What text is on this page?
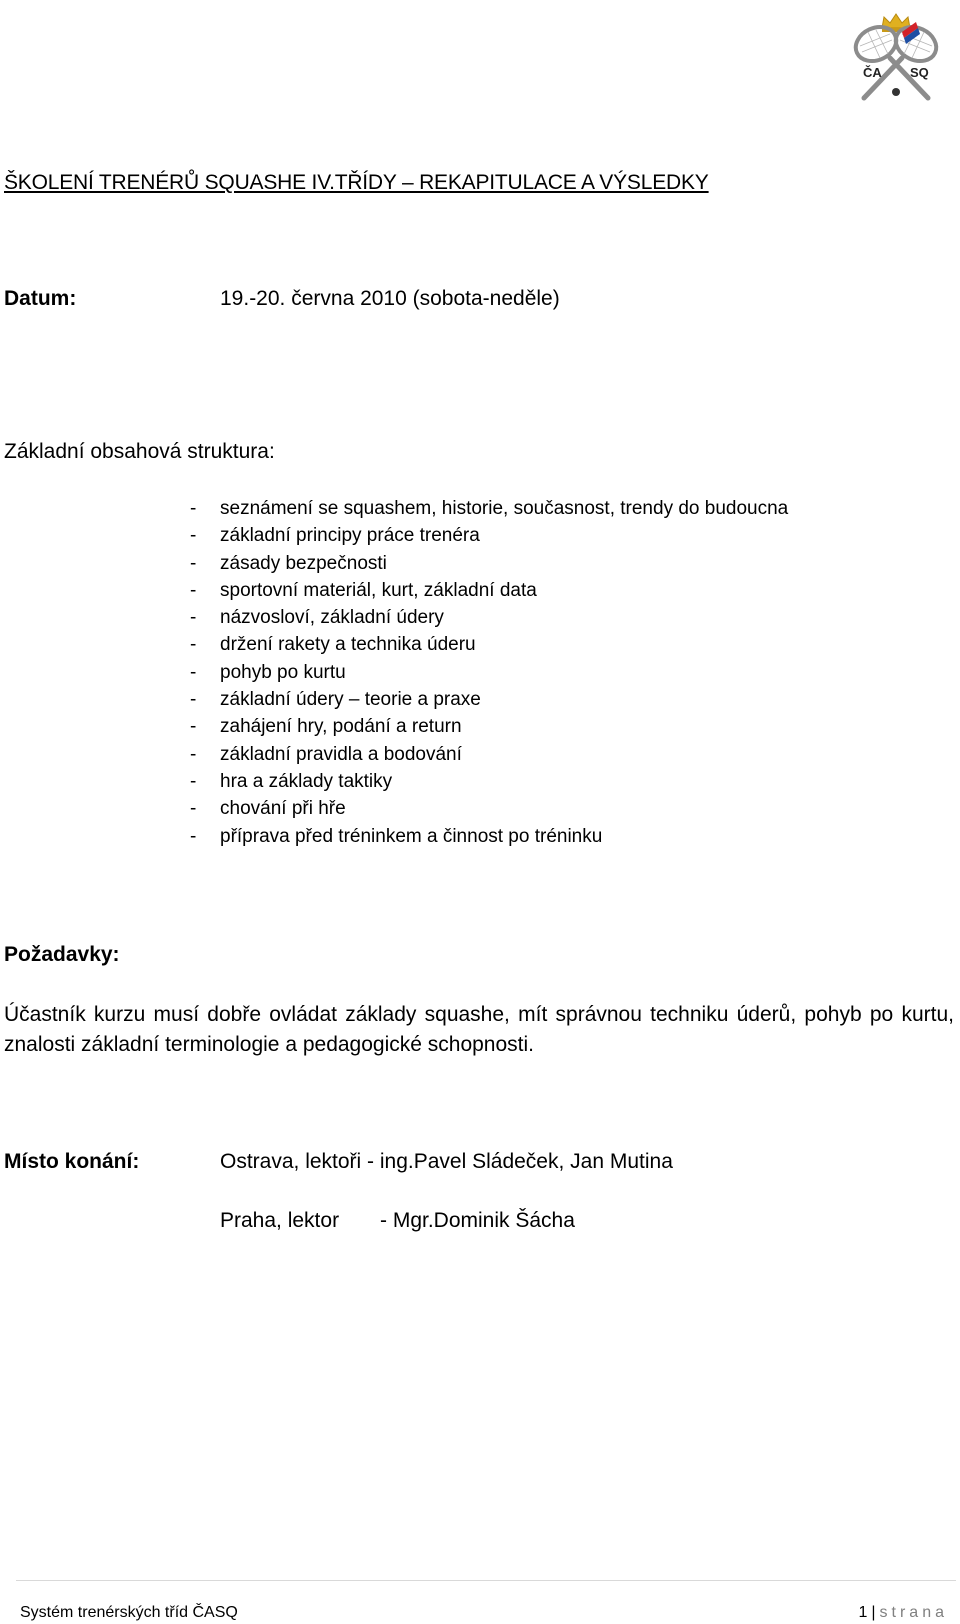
ČA SQ
ŠKOLENÍ TRENÉRŮ SQUASHE IV.TŘÍDY – REKAPITULACE A VÝSLEDKY
Datum:	19.-20. června 2010 (sobota-neděle)
Základní obsahová struktura:
- seznámení se squashem, historie, současnost, trendy do budoucna
- základní principy práce trenéra
- zásady bezpečnosti
- sportovní materiál, kurt, základní data
- názvosloví, základní údery
- držení rakety a technika úderu
- pohyb po kurtu
- základní údery – teorie a praxe
- zahájení hry, podání a return
- základní pravidla a bodování
- hra a základy taktiky
- chování při hře
- příprava před tréninkem a činnost po tréninku
Požadavky:
Účastník kurzu musí dobře ovládat základy squashe, mít správnou techniku úderů, pohyb po kurtu, znalosti základní terminologie a pedagogické schopnosti.
Místo konání:	Ostrava, lektoři - ing.Pavel Sládeček, Jan Mutina
Praha, lektor - Mgr.Dominik Šácha
Systém trenérských tříd ČASQ	1 | strana
